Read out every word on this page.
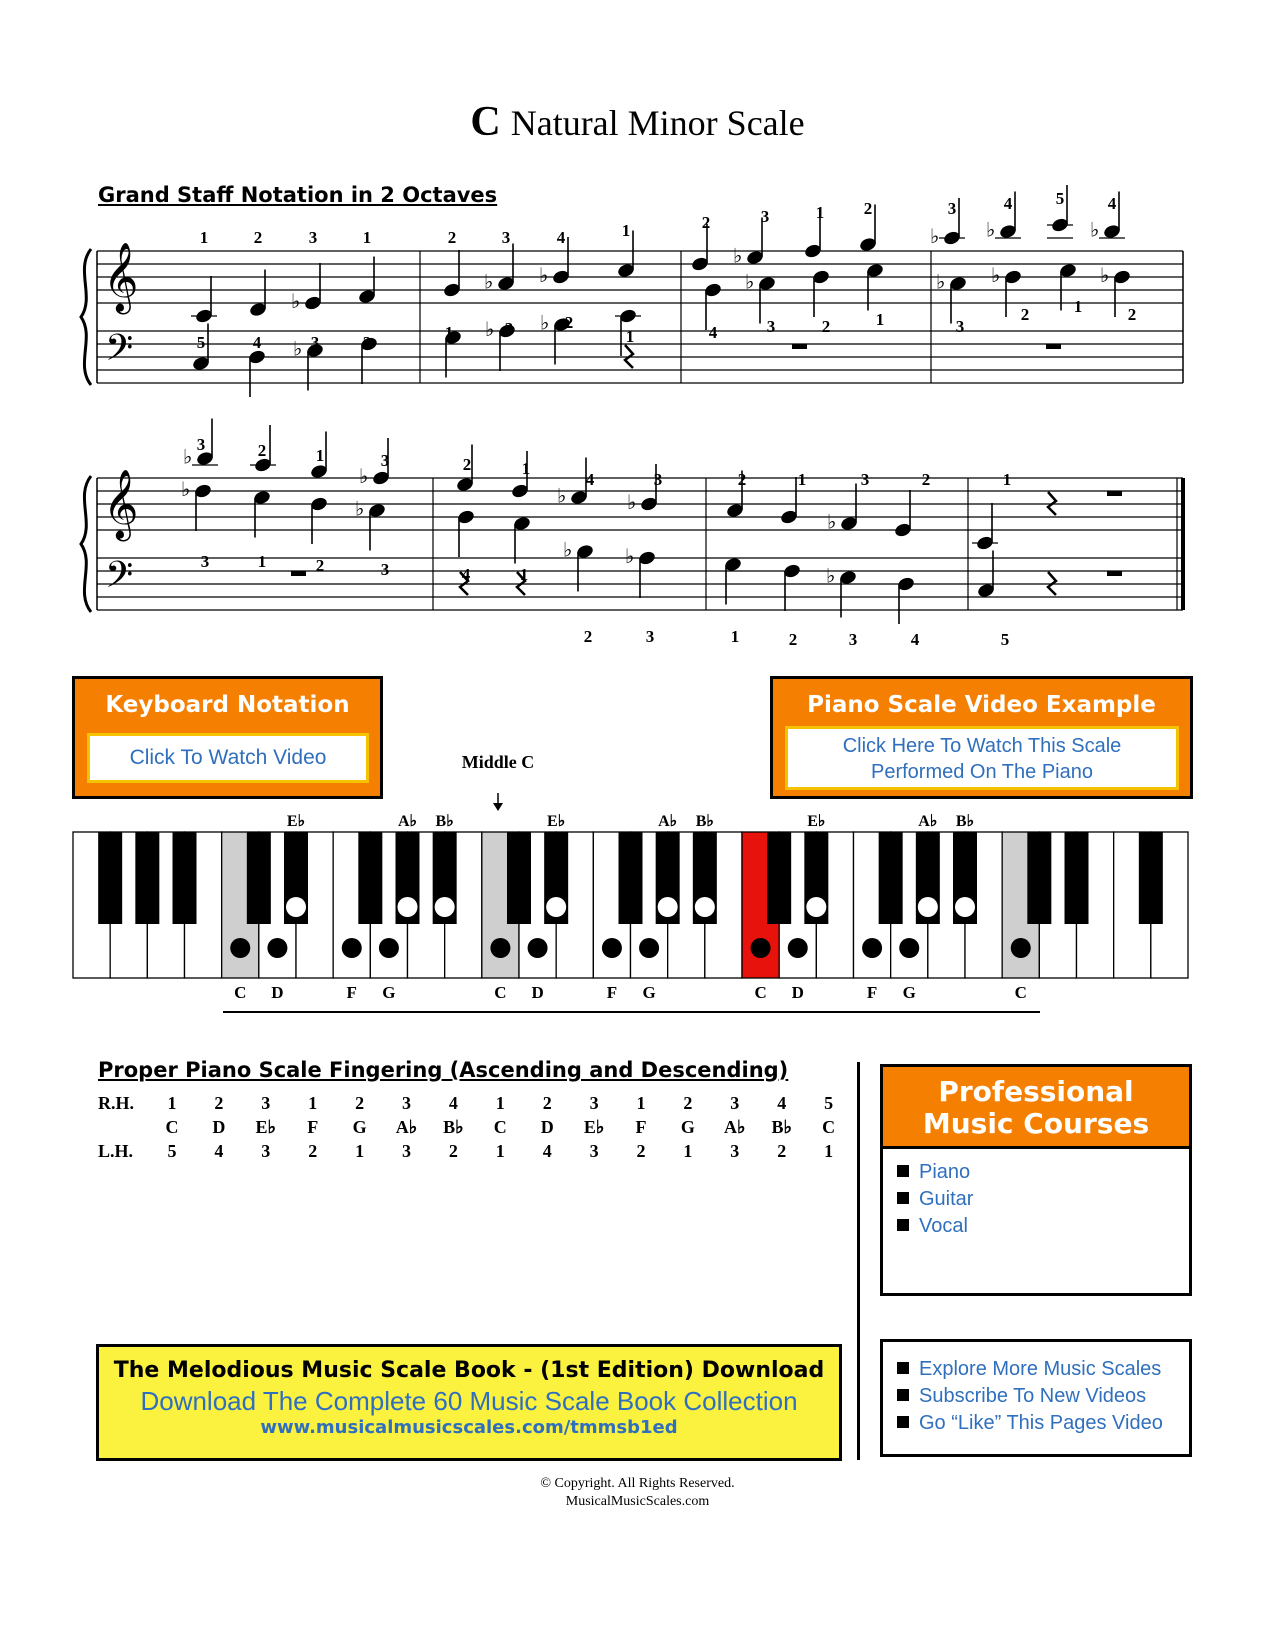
C Natural Minor Scale
Grand Staff Notation in 2 Octaves
𝄞
𝄢
𝄞
𝄢
♭
♭ ♭
♭
♭ ♭	♭
1	2	3	1	2	3	4	1	2	3	1 2	3	4	5	4
♭	♭ ♭	♭
4	3	2	1	3
2	1	2
♭
♭ ♭
5	4	3	2
1	3	2
1
♭
♭
♭	♭
♭
3	2	1	3	2	1
4	3	2	1	3	2	1
♭
♭
3	1	2	3	4	1
♭	♭
♭
2	3	1	2	3	4	5
Keyboard Notation
Click To Watch Video
Piano Scale Video Example
Click Here To Watch This Scale
Performed On The Piano
Middle C
E♭	A♭ B♭	E♭	A♭ B♭	E♭	A♭ B♭
C D	F G	C D	F G	C D	F G	C
Proper Piano Scale Fingering (Ascending and Descending)
R.H.
L.H.
1	2	3	1	2	3	4	1	2	3	1	2	3	4	5
C	D	E♭	F	G	A♭ B♭	C	D	E♭	F	G	A♭ B♭	C
5	4	3	2	1	3	2	1	4	3	2	1	3	2	1
Professional
Music Courses
Piano
Guitar
Vocal
Explore More Music Scales
Subscribe To New Videos
Go “Like” This Pages Video
The Melodious Music Scale Book - (1st Edition) Download
Download The Complete 60 Music Scale Book Collection
www.musicalmusicscales.com/tmmsb1ed
© Copyright. All Rights Reserved.
MusicalMusicScales.com
